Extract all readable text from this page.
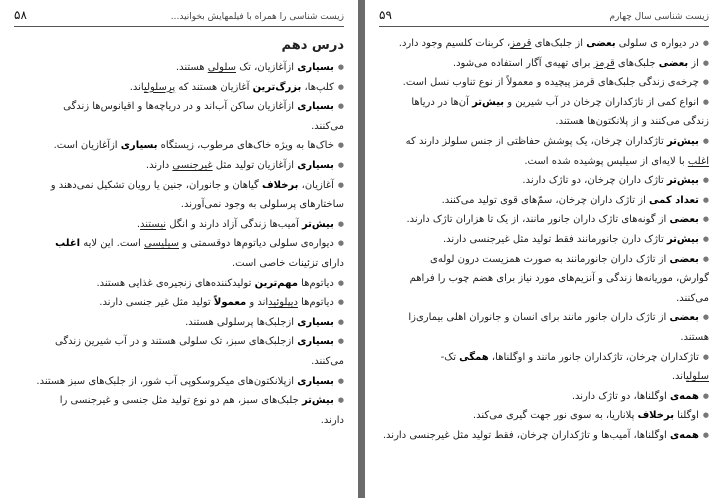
زیست شناسی را همراه با فیلمهایش بخوانید...
۵۸

درس دهم

● بسیاری ازآغازیان، تک سلولی هستند.

● کلپ‌ها، بزرگ‌ترین آغازیان هستند که پرسلولیاند.

● بسیاری ازآغازیان ساکن آب‌اند و در دریاچه‌ها و اقیانوس‌ها زندگی

می‌کنند.

● خاک‌ها به ویژه خاک‌های مرطوب، زیستگاه بسیاری ازآغازیان است.

● بسیاری ازآغازیان تولید مثل غیرجنسی دارند.

● آغازیان، برخلاف گیاهان و جانوران، جنین یا رویان تشکیل نمی‌دهند و

ساختارهای پرسلولی به وجود نمی‌آورند.

● بیش‌تر آمیب‌ها زندگی آزاد دارند و انگل نیستند.

● دیواره‌ی سلولی دیاتوم‌ها دوقسمتی و سیلیسی است. این لایه اغلب

دارای تزئینات خاصی است.

● دیاتوم‌ها مهم‌ترین تولیدکننده‌های زنجیره‌ی غذایی هستند.

● دیاتوم‌ها دیپلوئیداند و معمولاً تولید مثل غیر جنسی دارند.

● بسیاری ازجلبک‌ها پرسلولی هستند.

● بسیاری ازجلبک‌های سبز، تک سلولی هستند و در آب شیرین زندگی

می‌کنند.

● بسیاری ازپلانکتون‌های میکروسکوپی آب شور، از جلبک‌های سبز هستند.

● بیش‌تر جلبک‌های سبز، هم دو نوع تولید مثل جنسی و غیرجنسی را

دارند.

زیست شناسی سال چهارم
۵۹

● در دیواره ی سلولی بعضی از جلبک‌های قرمز، کربنات کلسیم وجود دارد.

● از بعضی جلبک‌های قرمز برای تهیه‌ی آگار استفاده می‌شود.

● چرخه‌ی زندگی جلبک‌های قرمز پیچیده و معمولاً از نوع تناوب نسل است.

● انواع کمی از تاژکداران چرخان در آب شیرین و بیش‌تر آن‌ها در دریاها

زندگی می‌کنند و از پلانکتون‌ها هستند.

● بیش‌تر تاژکداران چرخان، یک پوشش حفاظتی از جنس سلولز دارند که

اغلب با لایه‌ای از سیلیس پوشیده شده است.

● بیش‌تر تاژک داران چرخان، دو تاژک دارند.

● تعداد کمی از تاژک داران چرخان، سمّ‌های قوی تولید می‌کنند.

● بعضی از گونه‌های تاژک داران جانور مانند، از یک تا هزاران تاژک دارند.

● بیش‌تر تاژک دارن جانورمانند فقط تولید مثل غیرجنسی دارند.

● بعضی از تاژک داران جانورمانند به صورت همزیست درون لوله‌ی

گوارش، موریانه‌ها زندگی و آنزیم‌های مورد نیاز برای هضم چوب را فراهم

می‌کنند.

● بعضی از تاژک داران جانور مانند برای انسان و جانوران اهلی بیماری‌زا

هستند.

● تاژکداران چرخان، تاژکداران جانور مانند و اوگلناها، همگی تک‌-

سلولیاند.

● همه‌ی اوگلناها، دو تاژک دارند.

● اوگلنا برخلاف پلاناریا، به سوی نور جهت گیری می‌کند.

● همه‌ی اوگلناها، آمیب‌ها و تاژکداران چرخان، فقط تولید مثل غیرجنسی دارند.
